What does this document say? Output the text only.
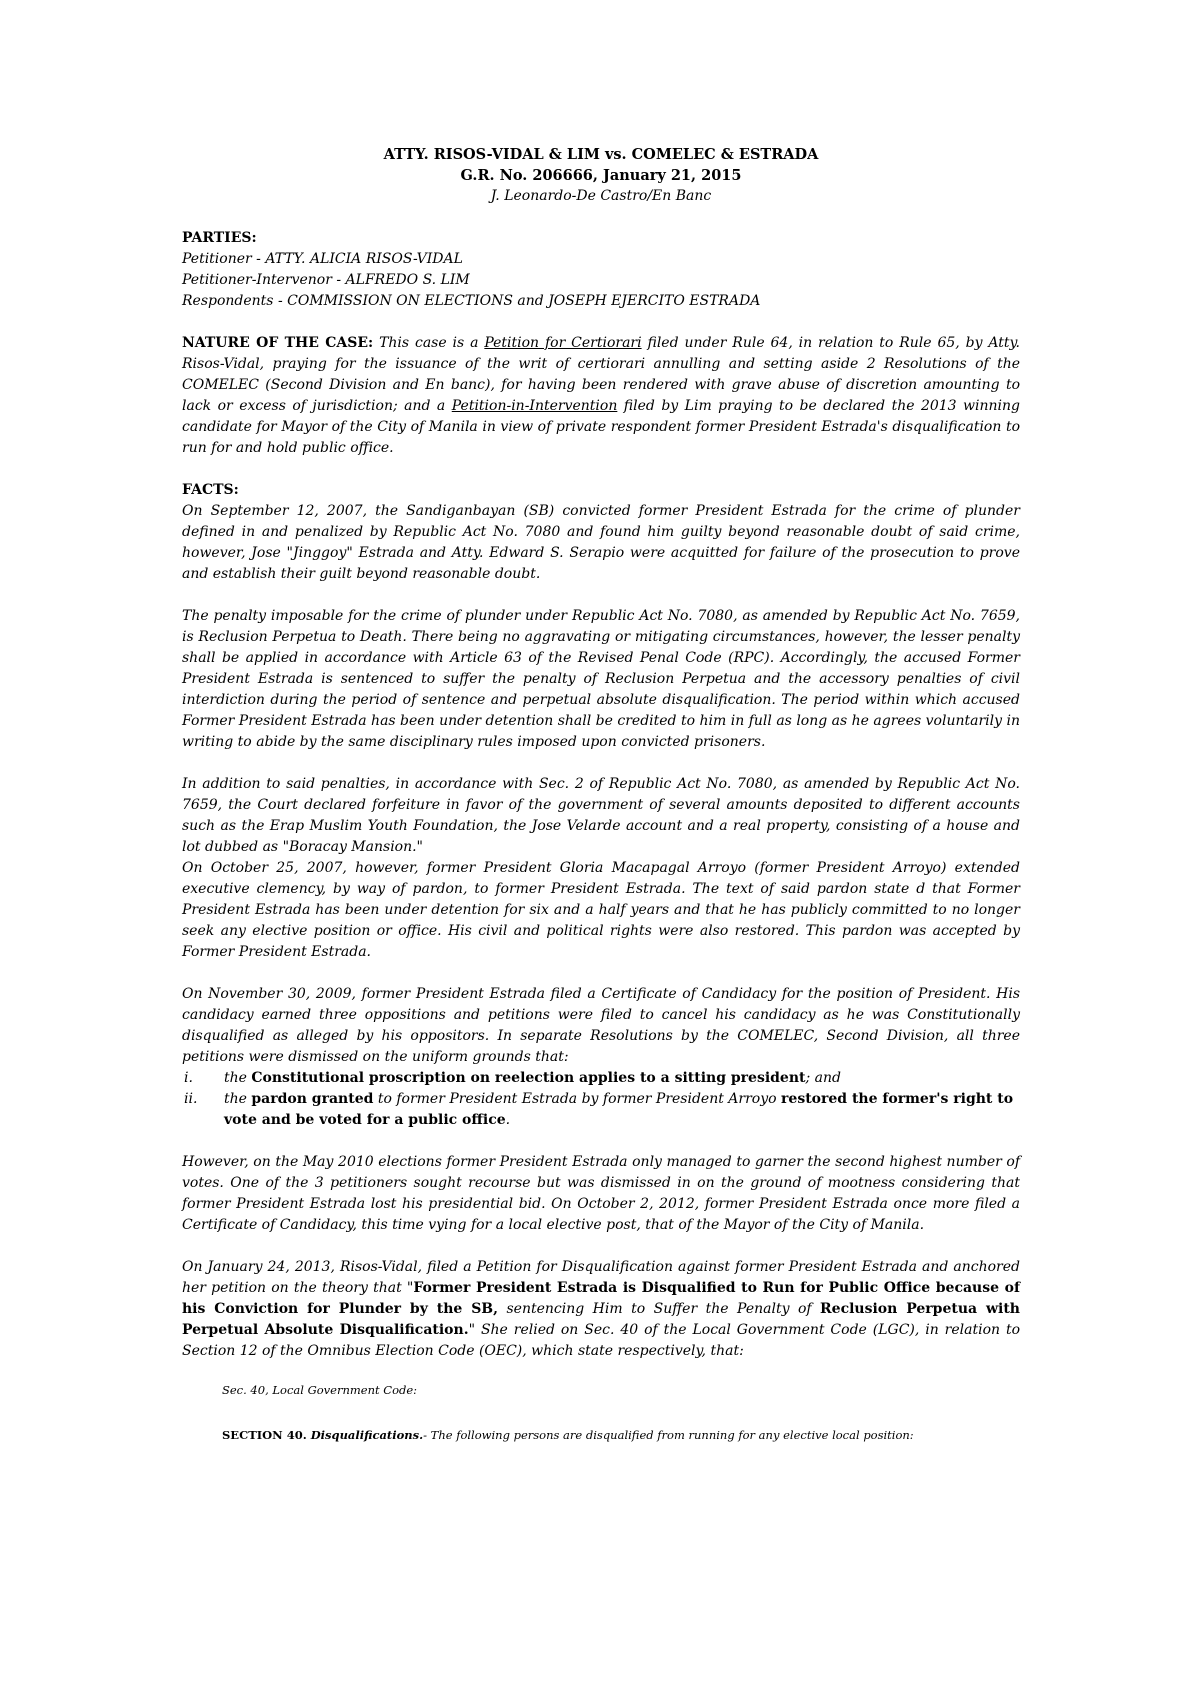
ATTY. RISOS-VIDAL & LIM vs. COMELEC & ESTRADA
G.R. No. 206666, January 21, 2015
J. Leonardo-De Castro/En Banc
PARTIES:
Petitioner - ATTY. ALICIA RISOS-VIDAL
Petitioner-Intervenor - ALFREDO S. LIM
Respondents - COMMISSION ON ELECTIONS and JOSEPH EJERCITO ESTRADA

NATURE OF THE CASE: This case is a Petition for Certiorari filed under Rule 64, in relation to Rule 65, by Atty. Risos-Vidal, praying for the issuance of the writ of certiorari annulling and setting aside 2 Resolutions of the COMELEC (Second Division and En banc), for having been rendered with grave abuse of discretion amounting to lack or excess of jurisdiction; and a Petition-in-Intervention filed by Lim praying to be declared the 2013 winning candidate for Mayor of the City of Manila in view of private respondent former President Estrada's disqualification to run for and hold public office.

FACTS:

On September 12, 2007, the Sandiganbayan (SB) convicted former President Estrada for the crime of plunder defined in and penalized by Republic Act No. 7080 and found him guilty beyond reasonable doubt of said crime, however, Jose "Jinggoy" Estrada and Atty. Edward S. Serapio were acquitted for failure of the prosecution to prove and establish their guilt beyond reasonable doubt.

The penalty imposable for the crime of plunder under Republic Act No. 7080, as amended by Republic Act No. 7659, is Reclusion Perpetua to Death. There being no aggravating or mitigating circumstances, however, the lesser penalty shall be applied in accordance with Article 63 of the Revised Penal Code (RPC). Accordingly, the accused Former President Estrada is sentenced to suffer the penalty of Reclusion Perpetua and the accessory penalties of civil interdiction during the period of sentence and perpetual absolute disqualification. The period within which accused Former President Estrada has been under detention shall be credited to him in full as long as he agrees voluntarily in writing to abide by the same disciplinary rules imposed upon convicted prisoners.

In addition to said penalties, in accordance with Sec. 2 of Republic Act No. 7080, as amended by Republic Act No. 7659, the Court declared forfeiture in favor of the government of several amounts deposited to different accounts such as the Erap Muslim Youth Foundation, the Jose Velarde account and a real property, consisting of a house and lot dubbed as "Boracay Mansion."

On October 25, 2007, however, former President Gloria Macapagal Arroyo (former President Arroyo) extended executive clemency, by way of pardon, to former President Estrada. The text of said pardon state d that Former President Estrada has been under detention for six and a half years and that he has publicly committed to no longer seek any elective position or office. His civil and political rights were also restored. This pardon was accepted by Former President Estrada.

On November 30, 2009, former President Estrada filed a Certificate of Candidacy for the position of President. His candidacy earned three oppositions and petitions were filed to cancel his candidacy as he was Constitutionally disqualified as alleged by his oppositors. In separate Resolutions by the COMELEC, Second Division, all three petitions were dismissed on the uniform grounds that:

i. the Constitutional proscription on reelection applies to a sitting president; and
ii. the pardon granted to former President Estrada by former President Arroyo restored the former's right to vote and be voted for a public office.

However, on the May 2010 elections former President Estrada only managed to garner the second highest number of votes. One of the 3 petitioners sought recourse but was dismissed in on the ground of mootness considering that former President Estrada lost his presidential bid. On October 2, 2012, former President Estrada once more filed a Certificate of Candidacy, this time vying for a local elective post, that of the Mayor of the City of Manila.

On January 24, 2013, Risos-Vidal, filed a Petition for Disqualification against former President Estrada and anchored her petition on the theory that "Former President Estrada is Disqualified to Run for Public Office because of his Conviction for Plunder by the SB, sentencing Him to Suffer the Penalty of Reclusion Perpetua with Perpetual Absolute Disqualification." She relied on Sec. 40 of the Local Government Code (LGC), in relation to Section 12 of the Omnibus Election Code (OEC), which state respectively, that:

Sec. 40, Local Government Code:
SECTION 40. Disqualifications.- The following persons are disqualified from running for any elective local position:
